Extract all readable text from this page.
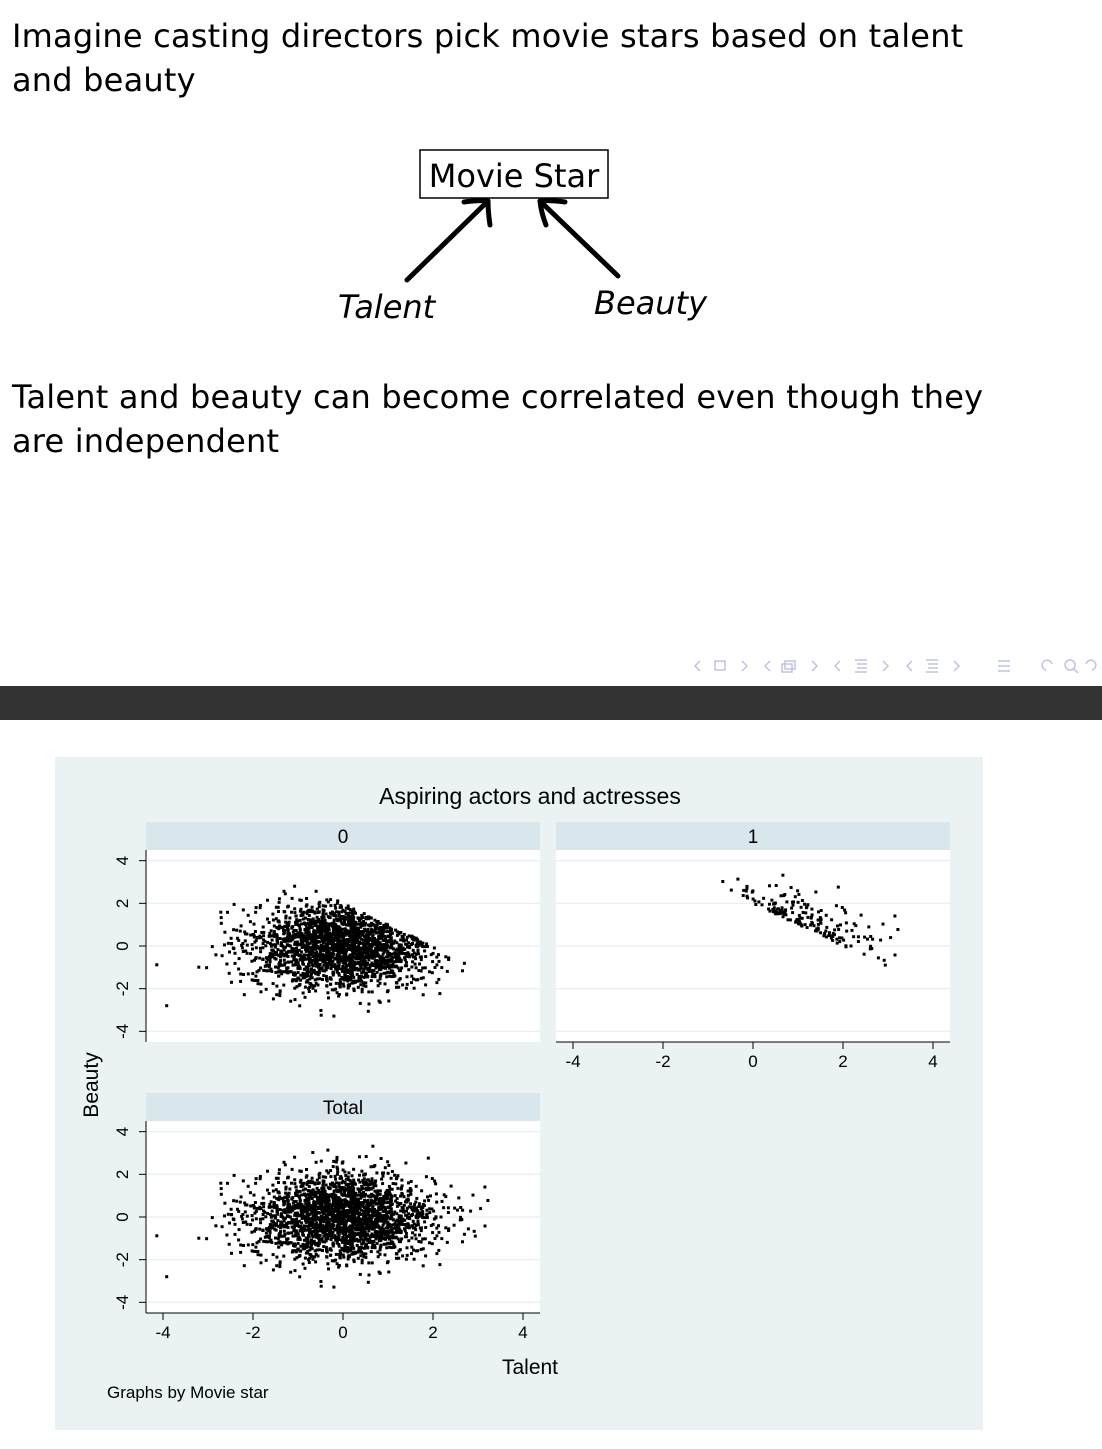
Imagine casting directors pick movie stars based on talent and beauty

Movie Star
Talent	Beauty

Talent and beauty can become correlated even though they are independent

Aspiring actors and actresses
0
-4
-2
0
2
4
1
-4	-2	0	2	4
Total
-4
-2
0
2
4
-4	-2	0	2	4
Talent
Beauty
Graphs by Movie star
